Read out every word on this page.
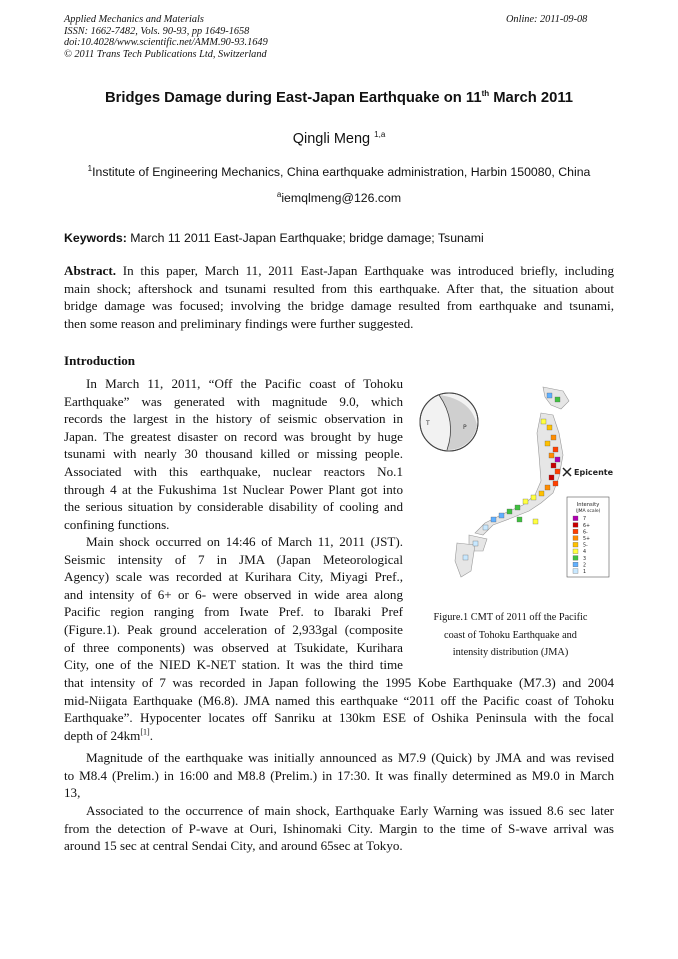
Applied Mechanics and Materials
ISSN: 1662-7482, Vols. 90-93, pp 1649-1658
doi:10.4028/www.scientific.net/AMM.90-93.1649
© 2011 Trans Tech Publications Ltd, Switzerland
Online: 2011-09-08
Bridges Damage during East-Japan Earthquake on 11th March 2011
Qingli Meng $^{1,a}$
$^1$Institute of Engineering Mechanics, China earthquake administration, Harbin 150080, China
$^a$iemqlmeng@126.com
Keywords: March 11 2011 East-Japan Earthquake; bridge damage; Tsunami
Abstract. In this paper, March 11, 2011 East-Japan Earthquake was introduced briefly, including
main shock; aftershock and tsunami resulted from this earthquake. After that, the situation about
bridge damage was focused; involving the bridge damage resulted from earthquake and tsunami,
then some reason and preliminary findings were further suggested.
Introduction
In March 11, 2011, “Off the Pacific coast of Tohoku
Earthquake” was generated with magnitude 9.0, which
records the largest in the history of seismic observation in
Japan. The greatest disaster on record was brought by huge
tsunami with nearly 30 thousand killed or missing people.
Associated with this earthquake, nuclear reactors No.1
through 4 at the Fukushima 1st Nuclear Power Plant got into
the serious situation by considerable disability of cooling and
confining functions.
Main shock occurred on 14:46 of March 11, 2011 (JST).
Seismic intensity of 7 in JMA (Japan Meteorological
Agency) scale was recorded at Kurihara City, Miyagi Pref.,
and intensity of 6+ or 6- were observed in wide area along
Pacific region ranging from Iwate Pref. to Ibaraki Pref
(Figure.1). Peak ground acceleration of 2,933gal (composite
of three components) was observed at Tsukidate, Kurihara
City, one of the NIED K-NET station. It was the third time
that intensity of 7 was recorded in Japan following the 1995 Kobe Earthquake (M7.3) and 2004
mid-Niigata Earthquake (M6.8). JMA named this earthquake “2011 off the Pacific coast of Tohoku
Earthquake”. Hypocenter locates off Sanriku at 130km ESE of Oshika Peninsula with the focal
depth of 24km[1].
Magnitude of the earthquake was initially announced as M7.9 (Quick) by JMA and was revised
to M8.4 (Prelim.) in 16:00 and M8.8 (Prelim.) in 17:30. It was finally determined as M9.0 in March
13,
Associated to the occurrence of main shock, Earthquake Early Warning was issued 8.6 sec later
from the detection of P-wave at Ouri, Ishinomaki City. Margin to the time of S-wave arrival was
around 15 sec at central Sendai City, and around 65sec at Tokyo.
T
P
Epicenter
Intensity
(JMA scale)
7
6+
6-
5+
5-
4
3
2
1
Figure.1 CMT of 2011 off the Pacific
coast of Tohoku Earthquake and
intensity distribution (JMA)
